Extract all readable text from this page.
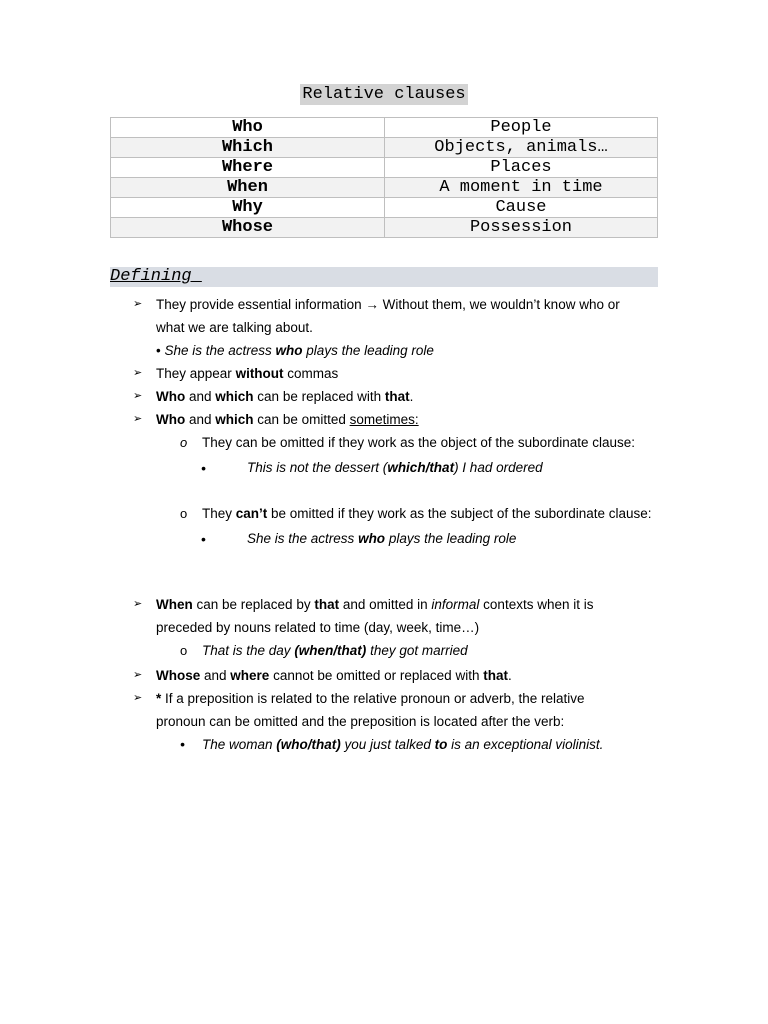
Relative clauses
Who	People
Which	Objects, animals…
Where	Places
When	A moment in time
Why	Cause
Whose	Possession
Defining
➢ They provide essential information → Without them, we wouldn’t know who or
what we are talking about.
• She is the actress who plays the leading role
➢ They appear without commas
➢ Who and which can be replaced with that.
➢ Who and which can be omitted sometimes:
o They can be omitted if they work as the object of the subordinate clause:
•	This is not the dessert (which/that) I had ordered
o They can’t be omitted if they work as the subject of the subordinate clause:
•	She is the actress who plays the leading role
➢ When can be replaced by that and omitted in informal contexts when it is
preceded by nouns related to time (day, week, time…)
o That is the day (when/that) they got married
➢ Whose and where cannot be omitted or replaced with that.
➢ * If a preposition is related to the relative pronoun or adverb, the relative
pronoun can be omitted and the preposition is located after the verb:
• The woman (who/that) you just talked to is an exceptional violinist.
